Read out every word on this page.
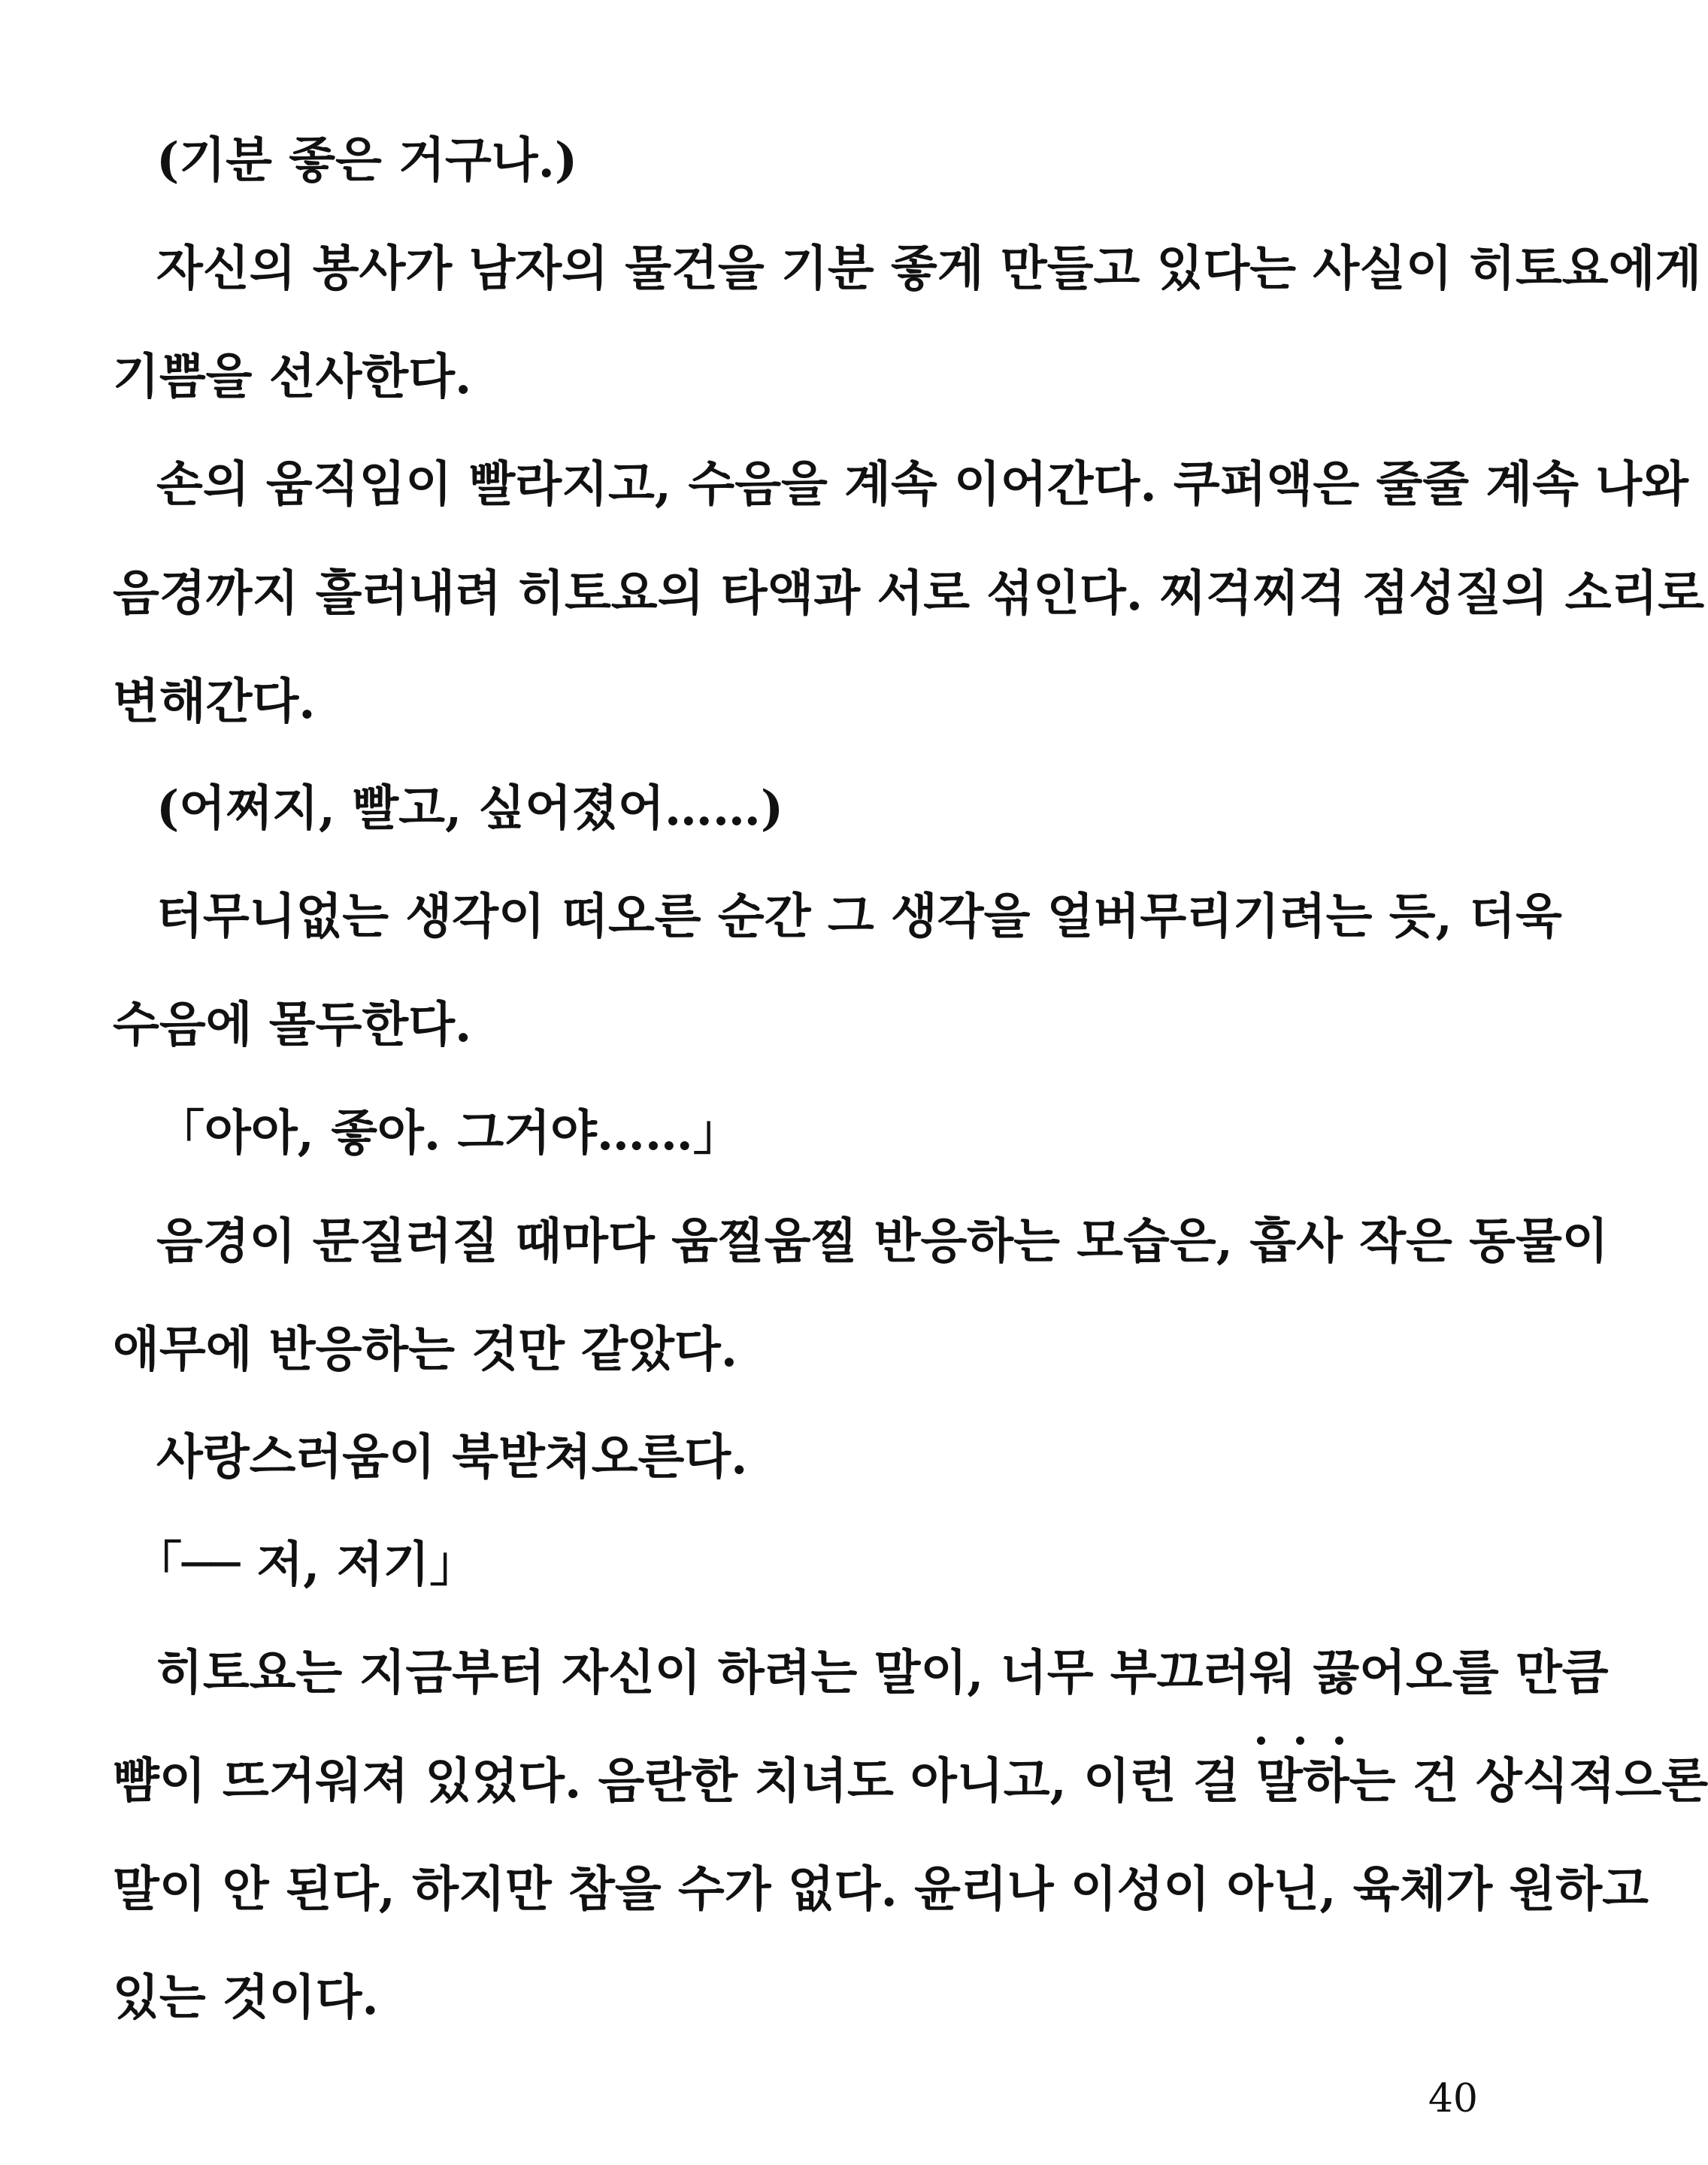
(기분 좋은 거구나.)
자신의 봉사가 남자의 물건을 기분 좋게 만들고 있다는 사실이 히토요에게
기쁨을 선사한다.
손의 움직임이 빨라지고, 수음을 계속 이어간다. 쿠퍼액은 줄줄 계속 나와
음경까지 흘러내려 히토요의 타액과 서로 섞인다. 찌걱찌걱 점성질의 소리로
변해간다.
(어쩌지, 빨고, 싶어졌어……)
터무니없는 생각이 떠오른 순간 그 생각을 얼버무리기려는 듯, 더욱
수음에 몰두한다.
「아아, 좋아. 그거야……」
음경이 문질러질 때마다 움찔움찔 반응하는 모습은, 흡사 작은 동물이
애무에 반응하는 것만 같았다.
사랑스러움이 북받쳐오른다.
「── 저, 저기」
히토요는 지금부터 자신이 하려는 말이, 너무 부끄러워 끓어오를 만큼
뺨이 뜨거워져 있었다. 음란한 치녀도 아니고, 이런 걸 말하는 건 상식적으론
말이 안 된다, 하지만 참을 수가 없다. 윤리나 이성이 아닌, 육체가 원하고
있는 것이다.
40
